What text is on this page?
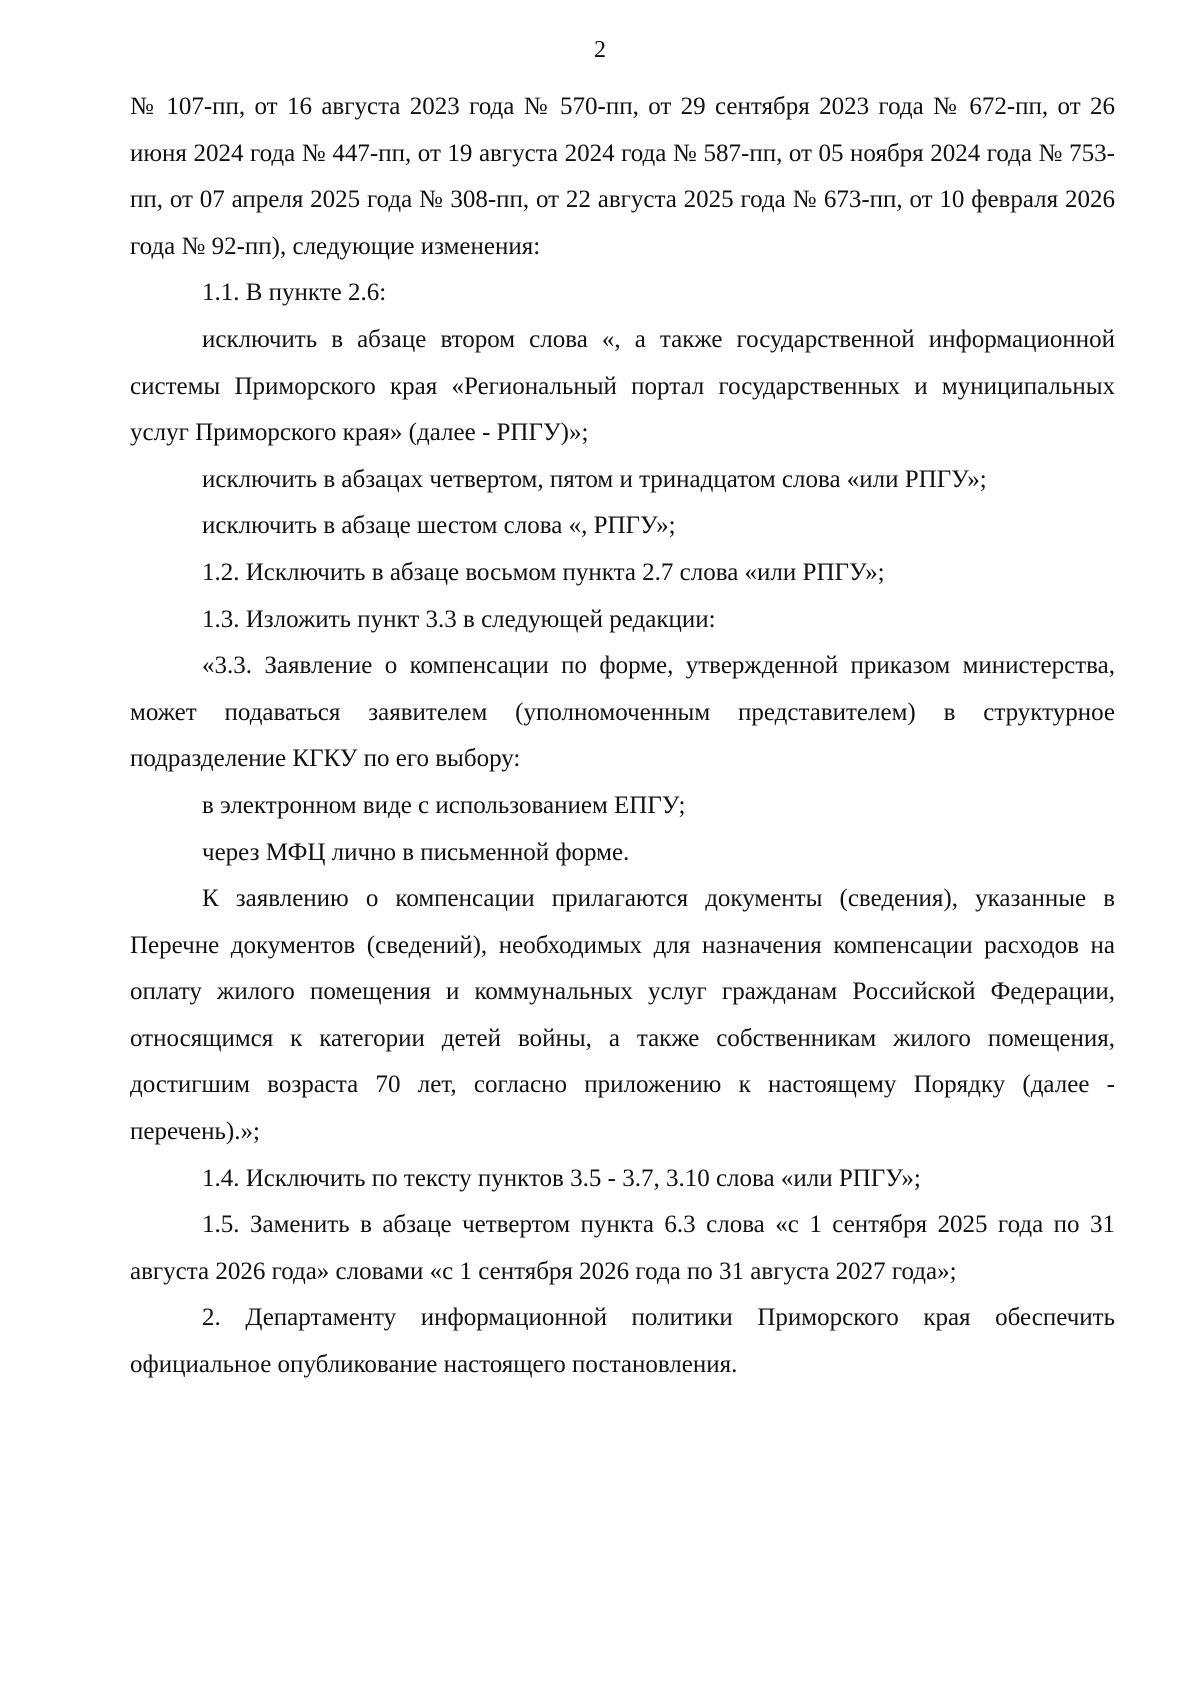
2

№ 107-пп, от 16 августа 2023 года № 570-пп, от 29 сентября 2023 года № 672-пп, от 26 июня 2024 года № 447-пп, от 19 августа 2024 года № 587-пп, от 05 ноября 2024 года № 753-пп, от 07 апреля 2025 года № 308-пп, от 22 августа 2025 года № 673-пп, от 10 февраля 2026 года № 92-пп), следующие изменения:

1.1. В пункте 2.6:

исключить в абзаце втором слова «, а также государственной информационной системы Приморского края «Региональный портал государственных и муниципальных услуг Приморского края» (далее - РПГУ)»;

исключить в абзацах четвертом, пятом и тринадцатом слова «или РПГУ»;

исключить в абзаце шестом слова «, РПГУ»;

1.2. Исключить в абзаце восьмом пункта 2.7 слова «или РПГУ»;

1.3. Изложить пункт 3.3 в следующей редакции:

«3.3. Заявление о компенсации по форме, утвержденной приказом министерства, может подаваться заявителем (уполномоченным представителем) в структурное подразделение КГКУ по его выбору:

в электронном виде с использованием ЕПГУ;

через МФЦ лично в письменной форме.

К заявлению о компенсации прилагаются документы (сведения), указанные в Перечне документов (сведений), необходимых для назначения компенсации расходов на оплату жилого помещения и коммунальных услуг гражданам Российской Федерации, относящимся к категории детей войны, а также собственникам жилого помещения, достигшим возраста 70 лет, согласно приложению к настоящему Порядку (далее - перечень).»;

1.4. Исключить по тексту пунктов 3.5 - 3.7, 3.10 слова «или РПГУ»;

1.5. Заменить в абзаце четвертом пункта 6.3 слова «с 1 сентября 2025 года по 31 августа 2026 года» словами «с 1 сентября 2026 года по 31 августа 2027 года»;

2. Департаменту информационной политики Приморского края обеспечить официальное опубликование настоящего постановления.
